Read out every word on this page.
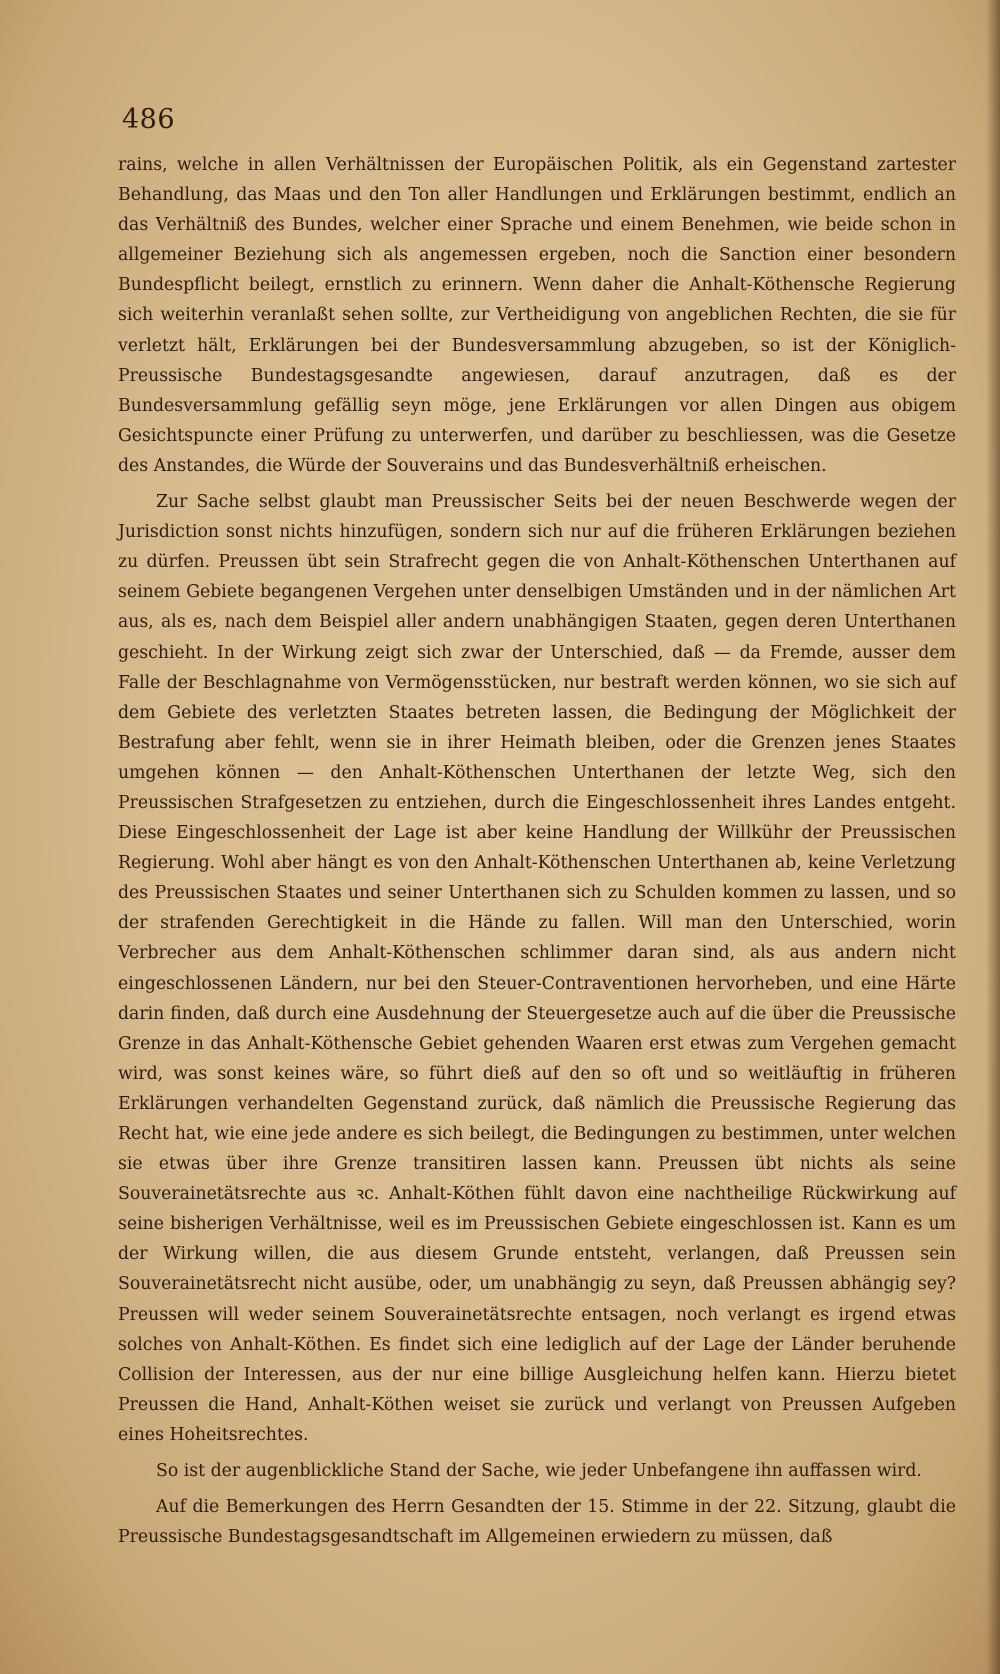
486

rains, welche in allen Verhältnissen der Europäischen Politik, als ein Gegenstand zartester Behandlung, das Maas und den Ton aller Handlungen und Erklärungen bestimmt, endlich an das Verhältniß des Bundes, welcher einer Sprache und einem Benehmen, wie beide schon in allgemeiner Beziehung sich als angemessen ergeben, noch die Sanction einer besondern Bundespflicht beilegt, ernstlich zu erinnern. Wenn daher die Anhalt-Köthensche Regierung sich weiterhin veranlaßt sehen sollte, zur Vertheidigung von angeblichen Rechten, die sie für verletzt hält, Erklärungen bei der Bundesversammlung abzugeben, so ist der Königlich-Preussische Bundestagsgesandte angewiesen, darauf anzutragen, daß es der Bundesversammlung gefällig seyn möge, jene Erklärungen vor allen Dingen aus obigem Gesichtspuncte einer Prüfung zu unterwerfen, und darüber zu beschliessen, was die Gesetze des Anstandes, die Würde der Souverains und das Bundesverhältniß erheischen.

Zur Sache selbst glaubt man Preussischer Seits bei der neuen Beschwerde wegen der Jurisdiction sonst nichts hinzufügen, sondern sich nur auf die früheren Erklärungen beziehen zu dürfen. Preussen übt sein Strafrecht gegen die von Anhalt-Köthenschen Unterthanen auf seinem Gebiete begangenen Vergehen unter denselbigen Umständen und in der nämlichen Art aus, als es, nach dem Beispiel aller andern unabhängigen Staaten, gegen deren Unterthanen geschieht. In der Wirkung zeigt sich zwar der Unterschied, daß — da Fremde, ausser dem Falle der Beschlagnahme von Vermögensstücken, nur bestraft werden können, wo sie sich auf dem Gebiete des verletzten Staates betreten lassen, die Bedingung der Möglichkeit der Bestrafung aber fehlt, wenn sie in ihrer Heimath bleiben, oder die Grenzen jenes Staates umgehen können — den Anhalt-Köthenschen Unterthanen der letzte Weg, sich den Preussischen Strafgesetzen zu entziehen, durch die Eingeschlossenheit ihres Landes entgeht. Diese Eingeschlossenheit der Lage ist aber keine Handlung der Willkühr der Preussischen Regierung. Wohl aber hängt es von den Anhalt-Köthenschen Unterthanen ab, keine Verletzung des Preussischen Staates und seiner Unterthanen sich zu Schulden kommen zu lassen, und so der strafenden Gerechtigkeit in die Hände zu fallen. Will man den Unterschied, worin Verbrecher aus dem Anhalt-Köthenschen schlimmer daran sind, als aus andern nicht eingeschlossenen Ländern, nur bei den Steuer-Contraventionen hervorheben, und eine Härte darin finden, daß durch eine Ausdehnung der Steuergesetze auch auf die über die Preussische Grenze in das Anhalt-Köthensche Gebiet gehenden Waaren erst etwas zum Vergehen gemacht wird, was sonst keines wäre, so führt dieß auf den so oft und so weitläuftig in früheren Erklärungen verhandelten Gegenstand zurück, daß nämlich die Preussische Regierung das Recht hat, wie eine jede andere es sich beilegt, die Bedingungen zu bestimmen, unter welchen sie etwas über ihre Grenze transitiren lassen kann. Preussen übt nichts als seine Souverainetätsrechte aus ꝛc. Anhalt-Köthen fühlt davon eine nachtheilige Rückwirkung auf seine bisherigen Verhältnisse, weil es im Preussischen Gebiete eingeschlossen ist. Kann es um der Wirkung willen, die aus diesem Grunde entsteht, verlangen, daß Preussen sein Souverainetätsrecht nicht ausübe, oder, um unabhängig zu seyn, daß Preussen abhängig sey? Preussen will weder seinem Souverainetätsrechte entsagen, noch verlangt es irgend etwas solches von Anhalt-Köthen. Es findet sich eine lediglich auf der Lage der Länder beruhende Collision der Interessen, aus der nur eine billige Ausgleichung helfen kann. Hierzu bietet Preussen die Hand, Anhalt-Köthen weiset sie zurück und verlangt von Preussen Aufgeben eines Hoheitsrechtes.

So ist der augenblickliche Stand der Sache, wie jeder Unbefangene ihn auffassen wird.

Auf die Bemerkungen des Herrn Gesandten der 15. Stimme in der 22. Sitzung, glaubt die Preussische Bundestagsgesandtschaft im Allgemeinen erwiedern zu müssen, daß
